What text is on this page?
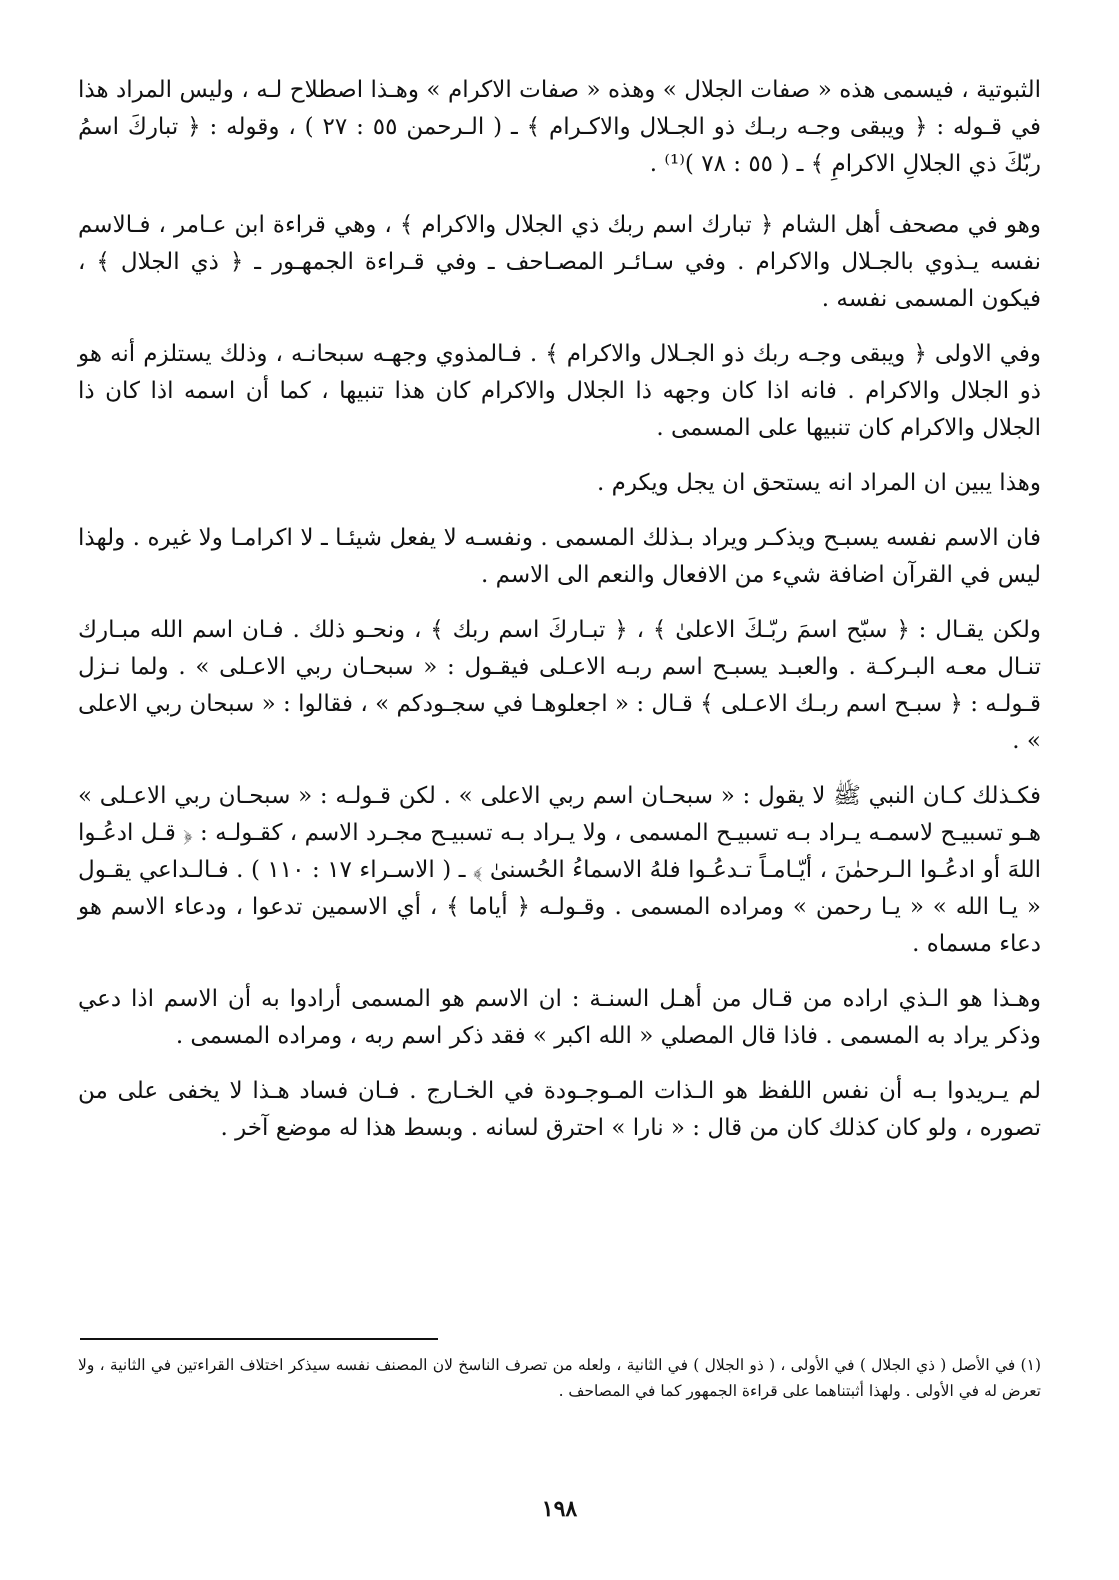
الثبوتية ، فيسمى هذه « صفات الجلال » وهذه « صفات الاكرام » وهـذا اصطلاح لـه ، وليس المراد هذا في قـوله : ﴿ ويبقى وجـه ربـك ذو الجـلال والاكـرام ﴾ ـ ( الـرحمن ٥٥ : ٢٧ ) ، وقوله : ﴿ تباركَ اسمُ ربّكَ ذي الجلالِ الاكرامِ ﴾ ـ ( ٥٥ : ٧٨ )⁽¹⁾ .

وهو في مصحف أهل الشام ﴿ تبارك اسم ربك ذي الجلال والاكرام ﴾ ، وهي قراءة ابن عـامر ، فـالاسم نفسه يـذوي بالجـلال والاكرام . وفي سـائـر المصـاحف ـ وفي قـراءة الجمهـور ـ ﴿ ذي الجلال ﴾ ، فيكون المسمى نفسه .

وفي الاولى ﴿ ويبقى وجـه ربك ذو الجـلال والاكرام ﴾ . فـالمذوي وجهـه سبحانـه ، وذلك يستلزم أنه هو ذو الجلال والاكرام . فانه اذا كان وجهه ذا الجلال والاكرام كان هذا تنبيها ، كما أن اسمه اذا كان ذا الجلال والاكرام كان تنبيها على المسمى .

وهذا يبين ان المراد انه يستحق ان يجل ويكرم .

فان الاسم نفسه يسبـح ويذكـر ويراد بـذلك المسمى . ونفسـه لا يفعل شيئـا ـ لا اكرامـا ولا غيره . ولهذا ليس في القرآن اضافة شيء من الافعال والنعم الى الاسم .

ولكن يقـال : ﴿ سبّح اسمَ ربّـكَ الاعلىٰ ﴾ ، ﴿ تبـاركَ اسم ربك ﴾ ، ونحـو ذلك . فـان اسم الله مبـارك تنـال معـه البـركـة . والعبـد يسبـح اسم ربـه الاعـلى فيقـول : « سبحـان ربي الاعـلى » . ولما نـزل قـولـه : ﴿ سبـح اسم ربـك الاعـلى ﴾ قـال : « اجعلوهـا في سجـودكم » ، فقالوا : « سبحان ربي الاعلى » .

فكـذلك كـان النبي ﷺ لا يقول : « سبحـان اسم ربي الاعلى » . لكن قـولـه : « سبحـان ربي الاعـلى » هـو تسبيـح لاسمـه يـراد بـه تسبيـح المسمى ، ولا يـراد بـه تسبيـح مجـرد الاسم ، كقـولـه : ﴿ قـل ادعُـوا اللهَ أو ادعُـوا الـرحمٰنَ ، أيّـامـاً تـدعُـوا فلهُ الاسماءُ الحُسنىٰ ﴾ ـ ( الاسـراء ١٧ : ١١٠ ) . فـالـداعي يقـول « يـا الله » « يـا رحمن » ومراده المسمى . وقـولـه ﴿ أياما ﴾ ، أي الاسمين تدعوا ، ودعاء الاسم هو دعاء مسماه .

وهـذا هو الـذي اراده من قـال من أهـل السنـة : ان الاسم هو المسمى أرادوا به أن الاسم اذا دعي وذكر يراد به المسمى . فاذا قال المصلي « الله اكبر » فقد ذكر اسم ربه ، ومراده المسمى .

لم يـريدوا بـه أن نفس اللفظ هو الـذات المـوجـودة في الخـارج . فـان فساد هـذا لا يخفى على من تصوره ، ولو كان كذلك كان من قال : « نارا » احترق لسانه . وبسط هذا له موضع آخر .

(١) في الأصل ( ذي الجلال ) في الأولى ، ( ذو الجلال ) في الثانية ، ولعله من تصرف الناسخ لان المصنف نفسه سيذكر اختلاف القراءتين في الثانية ، ولا تعرض له في الأولى . ولهذا أثبتناهما على قراءة الجمهور كما في المصاحف .
١٩٨
